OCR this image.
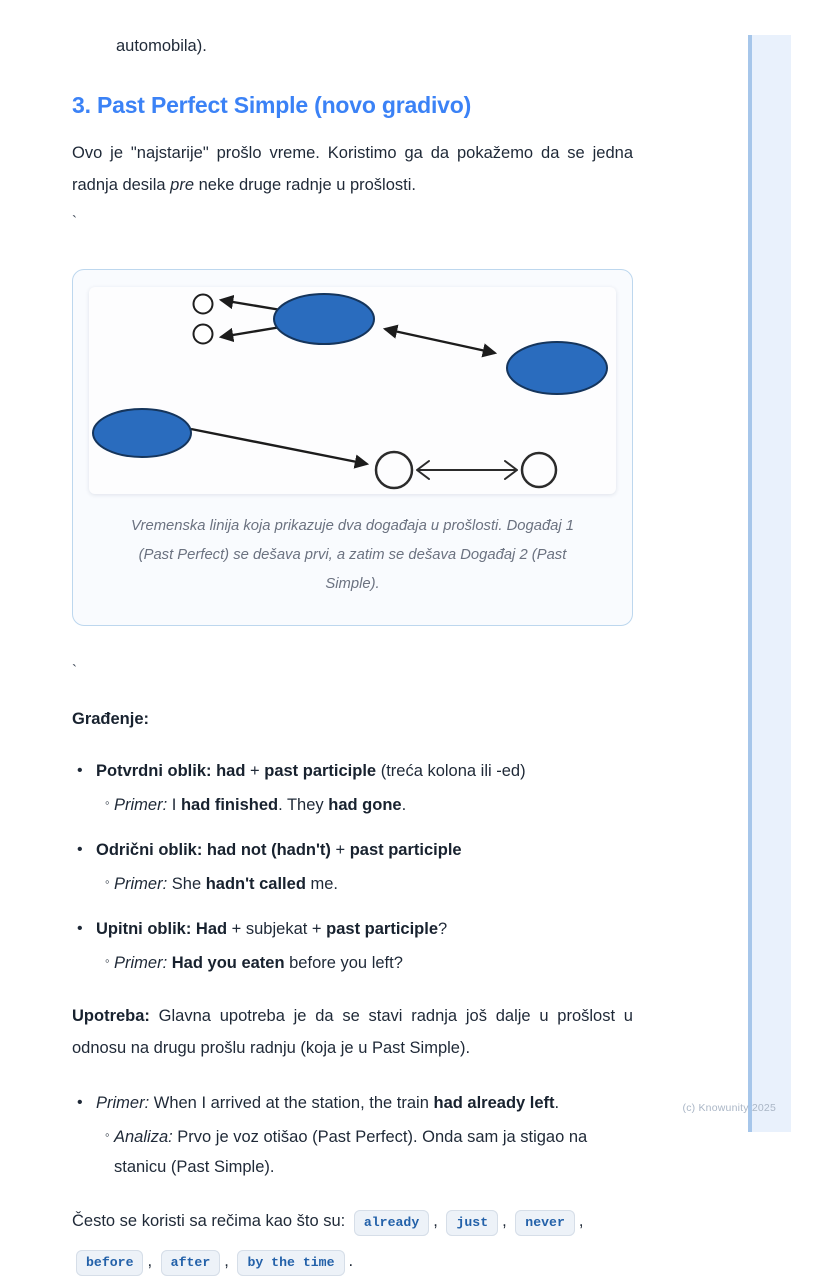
automobila).

3. Past Perfect Simple (novo gradivo)

Ovo je "najstarije" prošlo vreme. Koristimo ga da pokažemo da se jedna radnja desila pre neke druge radnje u prošlosti.

`

Vremenska linija koja prikazuje dva događaja u prošlosti. Događaj 1 (Past Perfect) se dešava prvi, a zatim se dešava Događaj 2 (Past Simple).

`

Građenje:

• Potvrdni oblik: had + past participle (treća kolona ili -ed)

◦ Primer: I had finished. They had gone.
• Odrični oblik: had not (hadn't) + past participle

◦ Primer: She hadn't called me.
• Upitni oblik: Had + subjekat + past participle?

◦ Primer: Had you eaten before you left?

Upotreba: Glavna upotreba je da se stavi radnja još dalje u prošlost u odnosu na drugu prošlu radnju (koja je u Past Simple).

• Primer: When I arrived at the station, the train had already left.

◦ Analiza: Prvo je voz otišao (Past Perfect). Onda sam ja stigao na stanicu (Past Simple).

Često se koristi sa rečima kao što su: already , just , never , before , after , by the time .

(c) Knowunity 2025
